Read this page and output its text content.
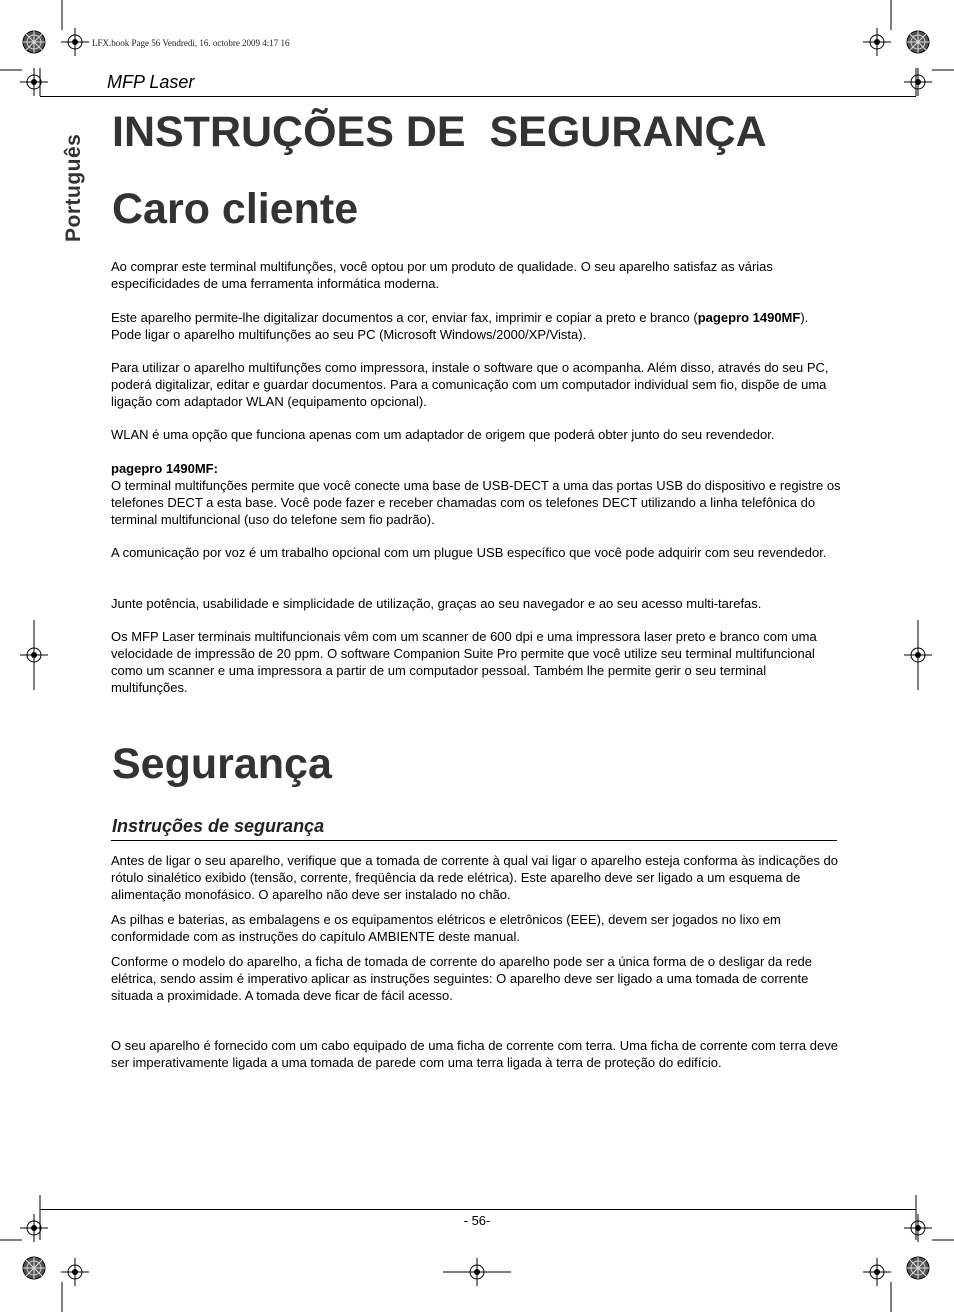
LFX.book Page 56 Vendredi, 16. octobre 2009 4:17 16
MFP Laser
Português
INSTRUÇÕES DE  SEGURANÇA
Caro cliente

Ao comprar este terminal multifunções, você optou por um produto de qualidade. O seu aparelho satisfaz as várias especificidades de uma ferramenta informática moderna.

Este aparelho permite-lhe digitalizar documentos a cor, enviar fax, imprimir e copiar a preto e branco (pagepro 1490MF). Pode ligar o aparelho multifunções ao seu PC (Microsoft Windows/2000/XP/Vista).

Para utilizar o aparelho multifunções como impressora, instale o software que o acompanha. Além disso, através do seu PC, poderá digitalizar, editar e guardar documentos. Para a comunicação com um computador individual sem fio, dispõe de uma ligação com adaptador WLAN (equipamento opcional).

WLAN é uma opção que funciona apenas com um adaptador de origem que poderá obter junto do seu revendedor.

pagepro 1490MF:
O terminal multifunções permite que você conecte uma base de USB-DECT a uma das portas USB do dispositivo e registre os telefones DECT a esta base. Você pode fazer e receber chamadas com os telefones DECT utilizando a linha telefônica do terminal multifuncional (uso do telefone sem fio padrão).

A comunicação por voz é um trabalho opcional com um plugue USB específico que você pode adquirir com seu revendedor.

Junte potência, usabilidade e simplicidade de utilização, graças ao seu navegador e ao seu acesso multi-tarefas.

Os MFP Laser terminais multifuncionais vêm com um scanner de 600 dpi e uma impressora laser preto e branco com uma velocidade de impressão de 20 ppm. O software Companion Suite Pro permite que você utilize seu terminal multifuncional como um scanner e uma impressora a partir de um computador pessoal. Também lhe permite gerir o seu terminal multifunções.

Segurança
Instruções de segurança

Antes de ligar o seu aparelho, verifique que a tomada de corrente à qual vai ligar o aparelho esteja conforma às indicações do rótulo sinalético exibido (tensão, corrente, freqüência da rede elétrica). Este aparelho deve ser ligado a um esquema de alimentação monofásico. O aparelho não deve ser instalado no chão.

As pilhas e baterias, as embalagens e os equipamentos elétricos e eletrônicos (EEE), devem ser jogados no lixo em conformidade com as instruções do capítulo AMBIENTE deste manual.

Conforme o modelo do aparelho, a ficha de tomada de corrente do aparelho pode ser a única forma de o desligar da rede elétrica, sendo assim é imperativo aplicar as instruções seguintes: O aparelho deve ser ligado a uma tomada de corrente situada a proximidade. A tomada deve ficar de fácil acesso.

O seu aparelho é fornecido com um cabo equipado de uma ficha de corrente com terra. Uma ficha de corrente com terra deve ser imperativamente ligada a uma tomada de parede com uma terra ligada à terra de proteção do edifício.

- 56-
